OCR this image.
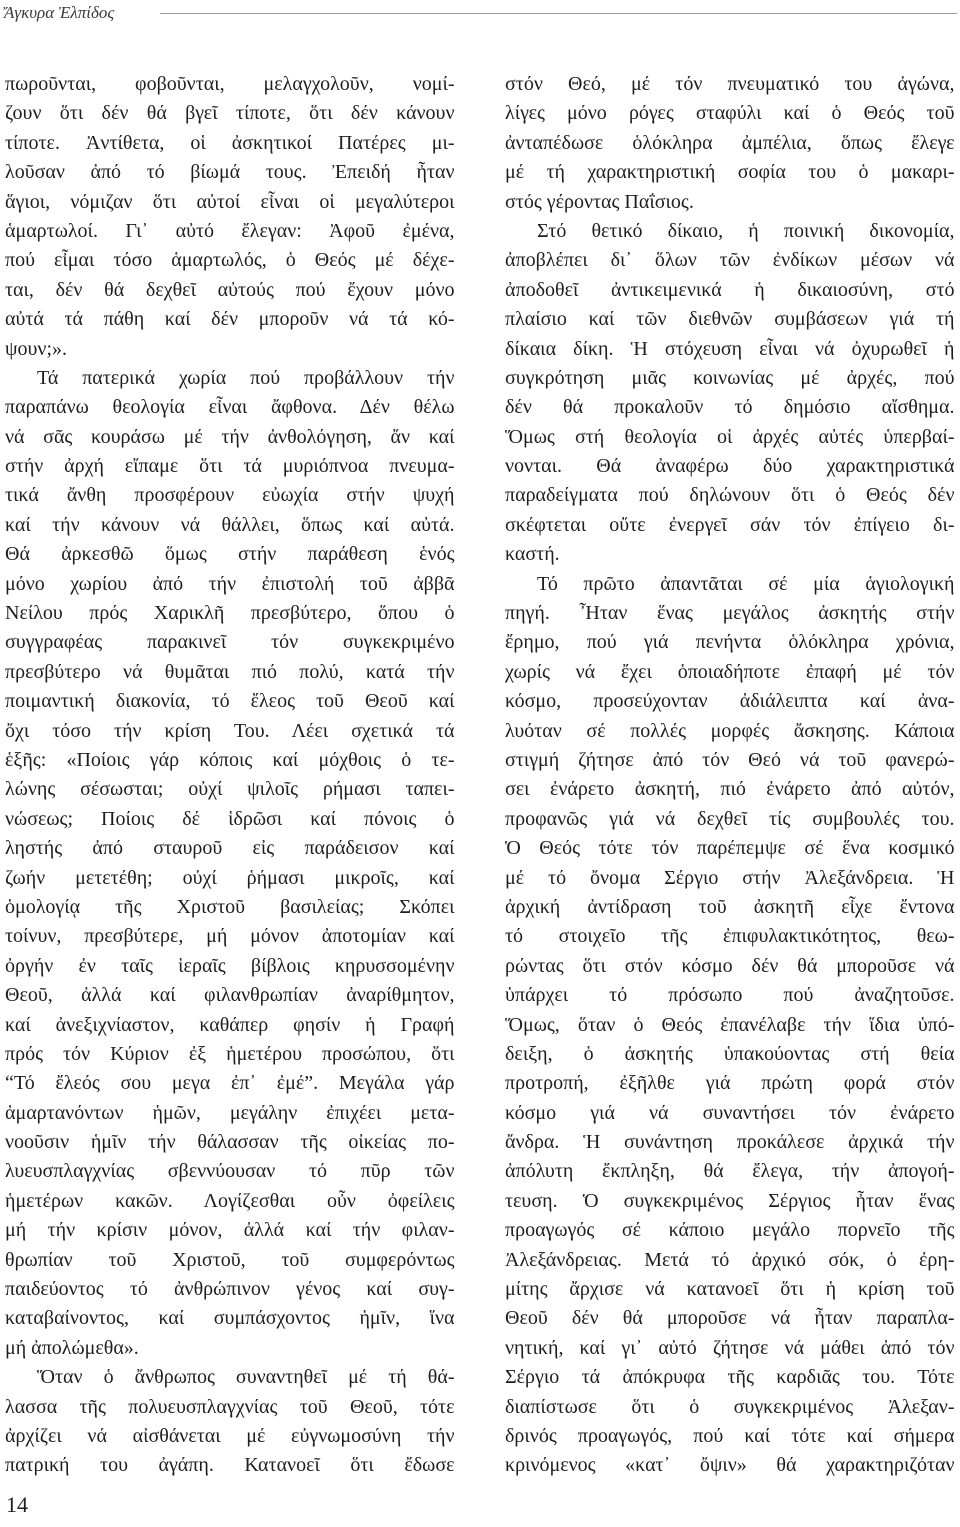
Ἄγκυρα Ἐλπίδος
πωροῦνται, φοβοῦνται, μελαγχολοῦν, νομί-
ζουν ὅτι δέν θά βγεῖ τίποτε, ὅτι δέν κάνουν
τίποτε. Ἀντίθετα, οἱ ἀσκητικοί Πατέρες μι-
λοῦσαν ἀπό τό βίωμά τους. Ἐπειδή ἦταν
ἅγιοι, νόμιζαν ὅτι αὐτοί εἶναι οἱ μεγαλύτεροι
ἁμαρτωλοί. Γι᾽ αὐτό ἔλεγαν: Ἀφοῦ ἐμένα,
πού εἶμαι τόσο ἁμαρτωλός, ὁ Θεός μέ δέχε-
ται, δέν θά δεχθεῖ αὐτούς πού ἔχουν μόνο
αὐτά τά πάθη καί δέν μποροῦν νά τά κό-
ψουν;».
Τά πατερικά χωρία πού προβάλλουν τήν
παραπάνω θεολογία εἶναι ἄφθονα. Δέν θέλω
νά σᾶς κουράσω μέ τήν ἀνθολόγηση, ἄν καί
στήν ἀρχή εἴπαμε ὅτι τά μυριόπνοα πνευμα-
τικά ἄνθη προσφέρουν εὐωχία στήν ψυχή
καί τήν κάνουν νά θάλλει, ὅπως καί αὐτά.
Θά ἀρκεσθῶ ὅμως στήν παράθεση ἑνός
μόνο χωρίου ἀπό τήν ἐπιστολή τοῦ ἀββᾶ
Νείλου πρός Χαρικλῆ πρεσβύτερο, ὅπου ὁ
συγγραφέας παρακινεῖ τόν συγκεκριμένο
πρεσβύτερο νά θυμᾶται πιό πολύ, κατά τήν
ποιμαντική διακονία, τό ἔλεος τοῦ Θεοῦ καί
ὄχι τόσο τήν κρίση Του. Λέει σχετικά τά
ἑξῆς: «Ποίοις γάρ κόποις καί μόχθοις ὁ τε-
λώνης σέσωσται; οὐχί ψιλοῖς ρήμασι ταπει-
νώσεως; Ποίοις δέ ἱδρῶσι καί πόνοις ὁ
ληστής ἀπό σταυροῦ εἰς παράδεισον καί
ζωήν μετετέθη; οὐχί ῥήμασι μικροῖς, καί
ὁμολογίᾳ τῆς Χριστοῦ βασιλείας; Σκόπει
τοίνυν, πρεσβύτερε, μή μόνον ἀποτομίαν καί
ὀργήν ἐν ταῖς ἱεραῖς βίβλοις κηρυσσομένην
Θεοῦ, ἀλλά καί φιλανθρωπίαν ἀναρίθμητον,
καί ἀνεξιχνίαστον, καθάπερ φησίν ἡ Γραφή
πρός τόν Κύριον ἐξ ἡμετέρου προσώπου, ὅτι
“Τό ἔλεός σου μεγα ἐπ᾽ ἐμέ”. Μεγάλα γάρ
ἁμαρτανόντων ἡμῶν, μεγάλην ἐπιχέει μετα-
νοοῦσιν ἡμῖν τήν θάλασσαν τῆς οἰκείας πο-
λυευσπλαγχνίας σβεννύουσαν τό πῦρ τῶν
ἡμετέρων κακῶν. Λογίζεσθαι οὖν ὀφείλεις
μή τήν κρίσιν μόνον, ἀλλά καί τήν φιλαν-
θρωπίαν τοῦ Χριστοῦ, τοῦ συμφερόντως
παιδεύοντος τό ἀνθρώπινον γένος καί συγ-
καταβαίνοντος, καί συμπάσχοντος ἡμῖν, ἵνα
μή ἀπολώμεθα».
Ὅταν ὁ ἄνθρωπος συναντηθεῖ μέ τή θά-
λασσα τῆς πολυευσπλαγχνίας τοῦ Θεοῦ, τότε
ἀρχίζει νά αἰσθάνεται μέ εὐγνωμοσύνη τήν
πατρική του ἀγάπη. Κατανοεῖ ὅτι ἔδωσε
στόν Θεό, μέ τόν πνευματικό του ἀγώνα,
λίγες μόνο ρόγες σταφύλι καί ὁ Θεός τοῦ
ἀνταπέδωσε ὁλόκληρα ἀμπέλια, ὅπως ἔλεγε
μέ τή χαρακτηριστική σοφία του ὁ μακαρι-
στός γέροντας Παΐσιος.
Στό θετικό δίκαιο, ἡ ποινική δικονομία,
ἀποβλέπει δι᾽ ὅλων τῶν ἐνδίκων μέσων νά
ἀποδοθεῖ ἀντικειμενικά ἡ δικαιοσύνη, στό
πλαίσιο καί τῶν διεθνῶν συμβάσεων γιά τή
δίκαια δίκη. Ἡ στόχευση εἶναι νά ὀχυρωθεῖ ἡ
συγκρότηση μιᾶς κοινωνίας μέ ἀρχές, πού
δέν θά προκαλοῦν τό δημόσιο αἴσθημα.
Ὅμως στή θεολογία οἱ ἀρχές αὐτές ὑπερβαί-
νονται. Θά ἀναφέρω δύο χαρακτηριστικά
παραδείγματα πού δηλώνουν ὅτι ὁ Θεός δέν
σκέφτεται οὔτε ἐνεργεῖ σάν τόν ἐπίγειο δι-
καστή.
Τό πρῶτο ἀπαντᾶται σέ μία ἁγιολογική
πηγή. Ἦταν ἕνας μεγάλος ἀσκητής στήν
ἔρημο, πού γιά πενήντα ὁλόκληρα χρόνια,
χωρίς νά ἔχει ὁποιαδήποτε ἐπαφή μέ τόν
κόσμο, προσεύχονταν ἀδιάλειπτα καί ἀνα-
λυόταν σέ πολλές μορφές ἄσκησης. Κάποια
στιγμή ζήτησε ἀπό τόν Θεό νά τοῦ φανερώ-
σει ἐνάρετο ἀσκητή, πιό ἐνάρετο ἀπό αὐτόν,
προφανῶς γιά νά δεχθεῖ τίς συμβουλές του.
Ὁ Θεός τότε τόν παρέπεμψε σέ ἕνα κοσμικό
μέ τό ὄνομα Σέργιο στήν Ἀλεξάνδρεια. Ἡ
ἀρχική ἀντίδραση τοῦ ἀσκητῆ εἶχε ἔντονα
τό στοιχεῖο τῆς ἐπιφυλακτικότητος, θεω-
ρώντας ὅτι στόν κόσμο δέν θά μποροῦσε νά
ὑπάρχει τό πρόσωπο πού ἀναζητοῦσε.
Ὅμως, ὅταν ὁ Θεός ἐπανέλαβε τήν ἴδια ὑπό-
δειξη, ὁ ἀσκητής ὑπακούοντας στή θεία
προτροπή, ἐξῆλθε γιά πρώτη φορά στόν
κόσμο γιά νά συναντήσει τόν ἐνάρετο
ἄνδρα. Ἡ συνάντηση προκάλεσε ἀρχικά τήν
ἀπόλυτη ἔκπληξη, θά ἔλεγα, τήν ἀπογοή-
τευση. Ὁ συγκεκριμένος Σέργιος ἦταν ἕνας
προαγωγός σέ κάποιο μεγάλο πορνεῖο τῆς
Ἀλεξάνδρειας. Μετά τό ἀρχικό σόκ, ὁ ἐρη-
μίτης ἄρχισε νά κατανοεῖ ὅτι ἡ κρίση τοῦ
Θεοῦ δέν θά μποροῦσε νά ἦταν παραπλα-
νητική, καί γι᾽ αὐτό ζήτησε νά μάθει ἀπό τόν
Σέργιο τά ἀπόκρυφα τῆς καρδιᾶς του. Τότε
διαπίστωσε ὅτι ὁ συγκεκριμένος Ἀλεξαν-
δρινός προαγωγός, πού καί τότε καί σήμερα
κρινόμενος «κατ᾽ ὄψιν» θά χαρακτηριζόταν
14
